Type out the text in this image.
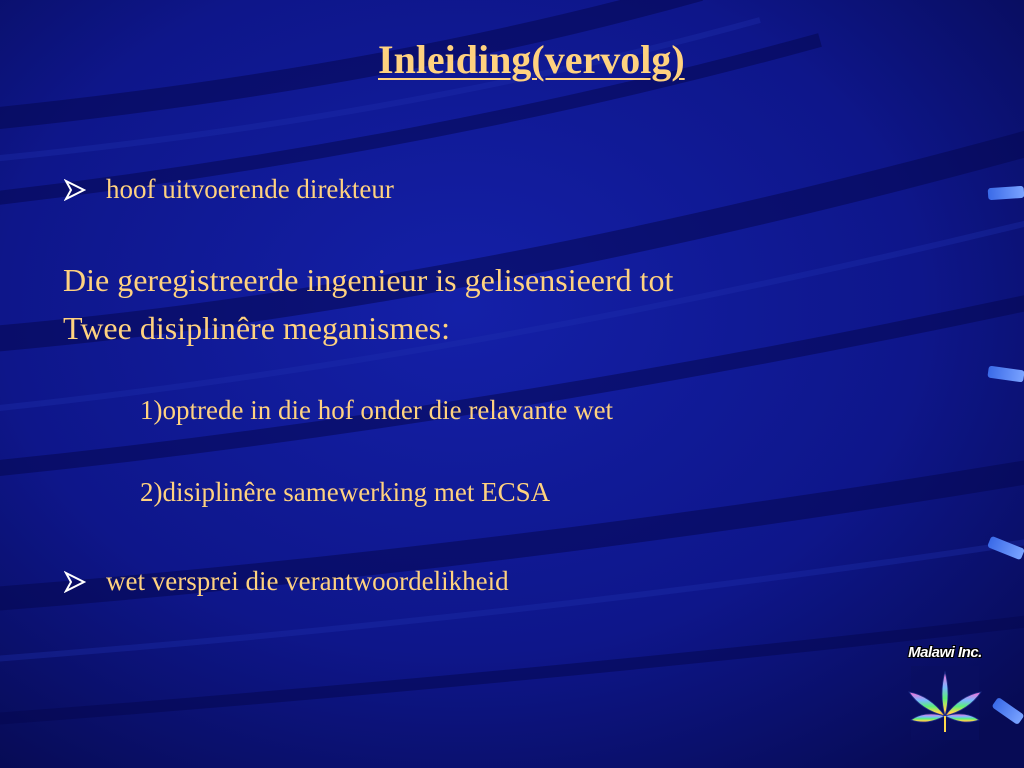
Inleiding(vervolg)
hoof uitvoerende direkteur
Die geregistreerde ingenieur is gelisensieerd tot
Twee disiplinêre meganismes:
1)optrede in die hof onder die relavante wet
2)disiplinêre samewerking met ECSA
wet versprei die verantwoordelikheid
Malawi Inc.
